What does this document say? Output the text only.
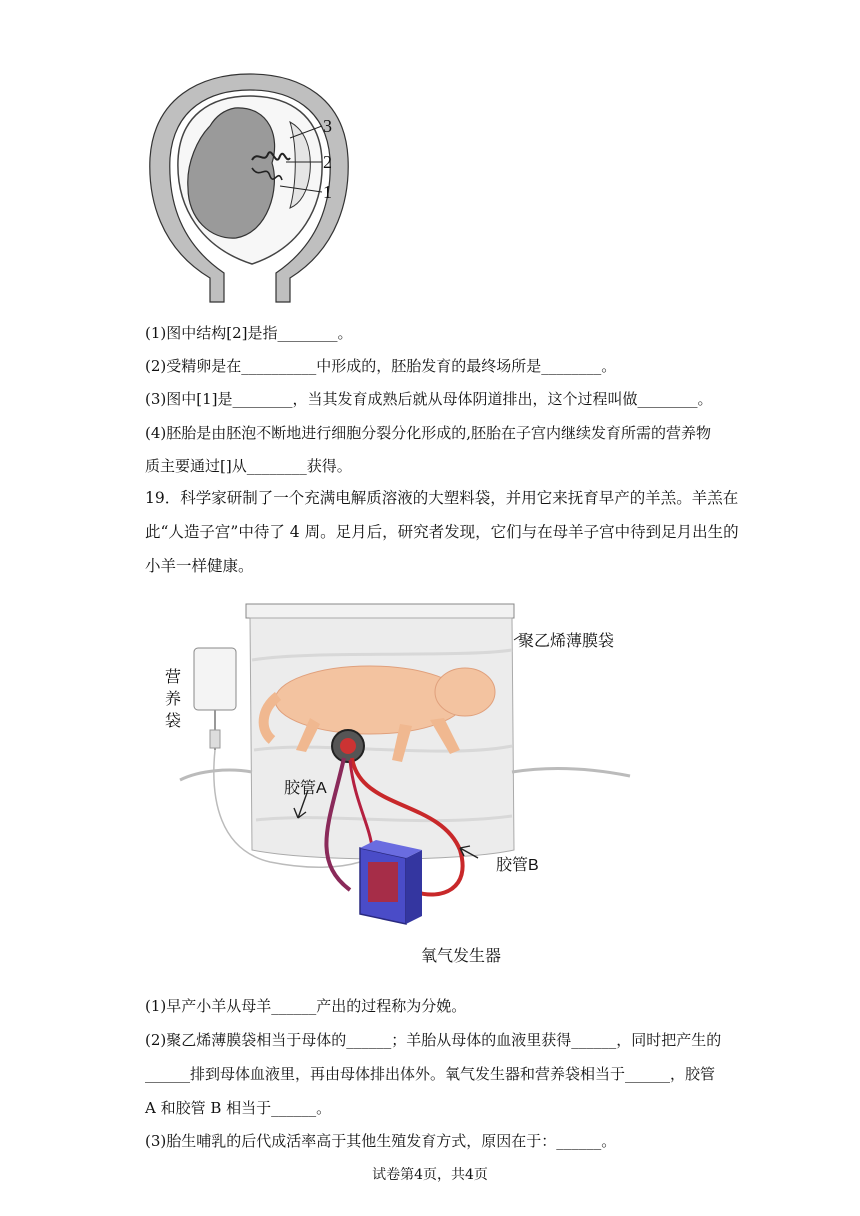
3
2
1
(1)图中结构[2]是指________。
(2)受精卵是在__________中形成的，胚胎发育的最终场所是________。
(3)图中[1]是________，当其发育成熟后就从母体阴道排出，这个过程叫做________。
(4)胚胎是由胚泡不断地进行细胞分裂分化形成的,胚胎在子宫内继续发育所需的营养物
质主要通过[]从________获得。
19．科学家研制了一个充满电解质溶液的大塑料袋，并用它来抚育早产的羊羔。羊羔在
此“人造子宫”中待了 4 周。足月后，研究者发现，它们与在母羊子宫中待到足月出生的
小羊一样健康。
聚乙烯薄膜袋
营
养
袋
胶管A
胶管B
氧气发生器
(1)早产小羊从母羊______产出的过程称为分娩。
(2)聚乙烯薄膜袋相当于母体的______；羊胎从母体的血液里获得______，同时把产生的
______排到母体血液里，再由母体排出体外。氧气发生器和营养袋相当于______，胶管
A 和胶管 B 相当于______。
(3)胎生哺乳的后代成活率高于其他生殖发育方式，原因在于：______。
试卷第4页，共4页
